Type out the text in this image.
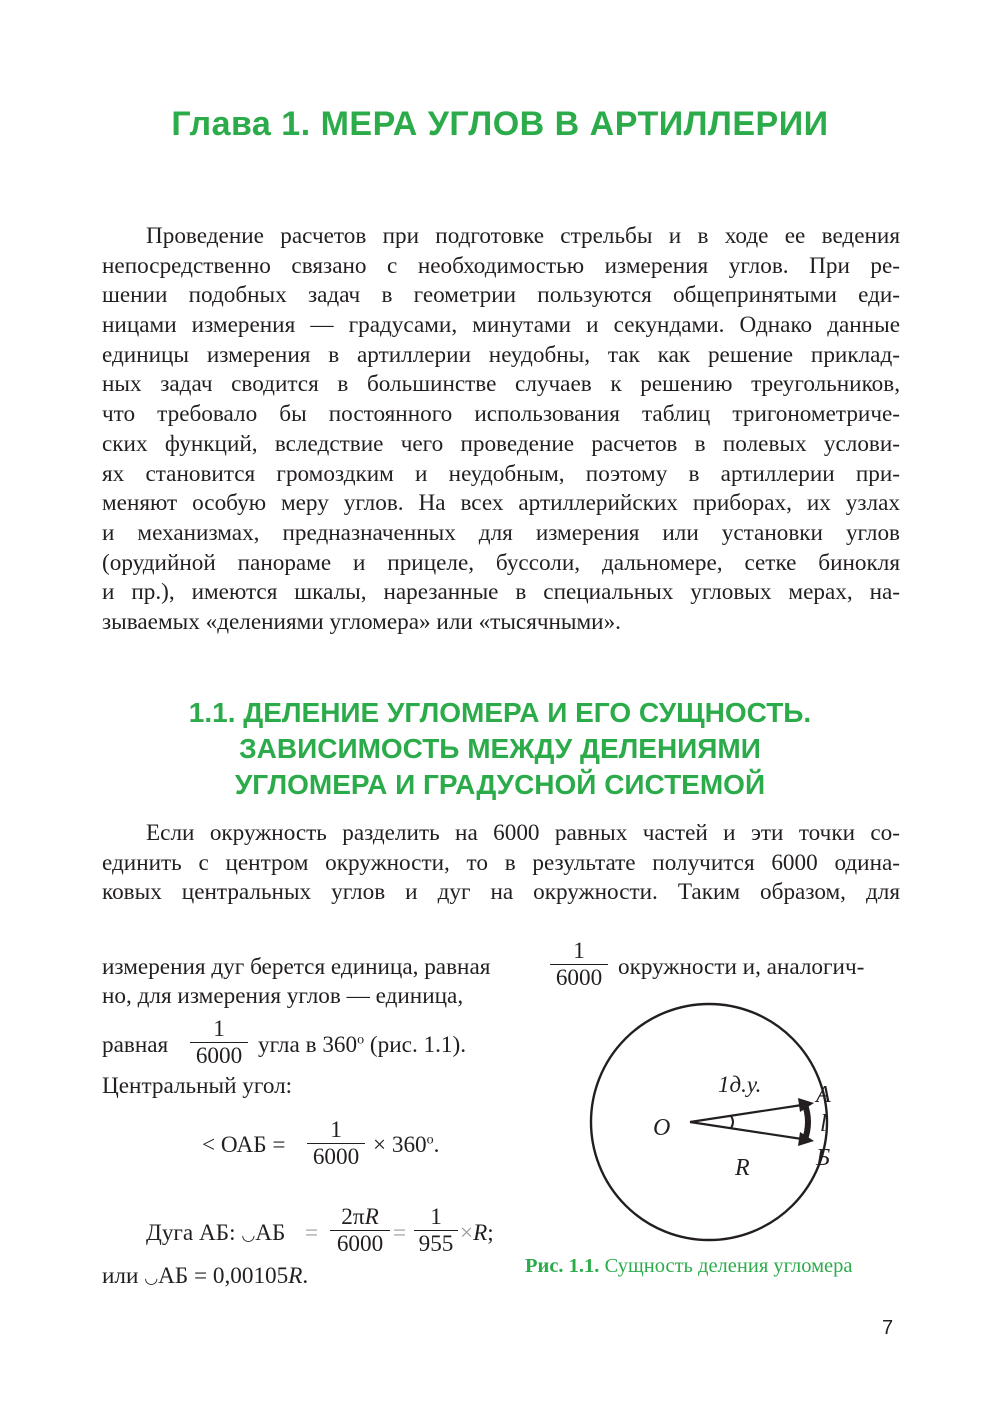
Глава 1. МЕРА УГЛОВ В АРТИЛЛЕРИИ
Проведение расчетов при подготовке стрельбы и в ходе ее ведения
непосредственно связано с необходимостью измерения углов. При ре-
шении подобных задач в геометрии пользуются общепринятыми еди-
ницами измерения — градусами, минутами и секундами. Однако данные
единицы измерения в артиллерии неудобны, так как решение приклад-
ных задач сводится в большинстве случаев к решению треугольников,
что требовало бы постоянного использования таблиц тригонометриче-
ских функций, вследствие чего проведение расчетов в полевых услови-
ях становится громоздким и неудобным, поэтому в артиллерии при-
меняют особую меру углов. На всех артиллерийских приборах, их узлах
и механизмах, предназначенных для измерения или установки углов
(орудийной панораме и прицеле, буссоли, дальномере, сетке бинокля
и пр.), имеются шкалы, нарезанные в специальных угловых мерах, на-
зываемых «делениями угломера» или «тысячными».
1.1. ДЕЛЕНИЕ УГЛОМЕРА И ЕГО СУЩНОСТЬ.
ЗАВИСИМОСТЬ МЕЖДУ ДЕЛЕНИЯМИ
УГЛОМЕРА И ГРАДУСНОЙ СИСТЕМОЙ
Если окружность разделить на 6000 равных частей и эти точки со-
единить с центром окружности, то в результате получится 6000 одина-
ковых центральных углов и дуг на окружности. Таким образом, для
измерения дуг берется единица, равная
1
6000 окружности и, аналогич-
но, для измерения углов — единица,
равная
1
6000 угла в $360^о$ (рис. 1.1).
Центральный угол:
< ОАБ =
1
$6000 \times 360^о$.
Дуга АБ: ◡АБ =
2πR
6000 =
1
955 ×R;
или ◡АБ = 0,00105R.
O
A
l
Б
R
1д.у.
Рис. 1.1. Сущность деления угломера
7
